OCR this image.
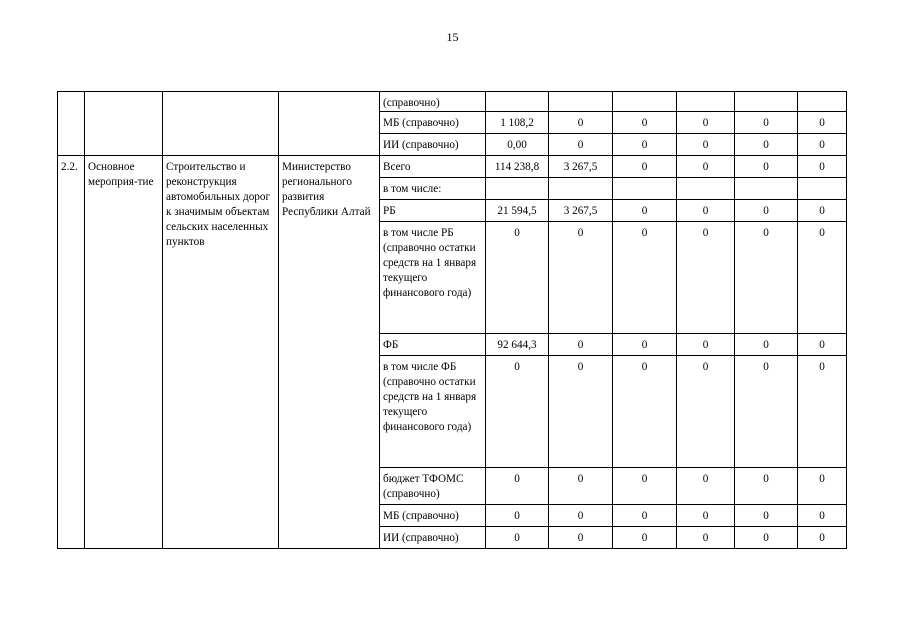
15
				(справочно)						
				МБ (справочно)	1 108,2	0	0	0	0	0
				ИИ (справочно)	0,00	0	0	0	0	0
2.2.	Основное мероприя-тие	Строительство и реконструкция автомобильных дорог к значимым объектам сельских населенных пунктов	Министерство регионального развития Республики Алтай	Всего	114 238,8	3 267,5	0	0	0	0
				в том числе:						
				РБ	21 594,5	3 267,5	0	0	0	0
				в том числе РБ (справочно остатки средств на 1 января текущего финансового года)	0	0	0	0	0	0
				ФБ	92 644,3	0	0	0	0	0
				в том числе ФБ (справочно остатки средств на 1 января текущего финансового года)	0	0	0	0	0	0
				бюджет ТФОМС (справочно)	0	0	0	0	0	0
				МБ (справочно)	0	0	0	0	0	0
				ИИ (справочно)	0	0	0	0	0	0
